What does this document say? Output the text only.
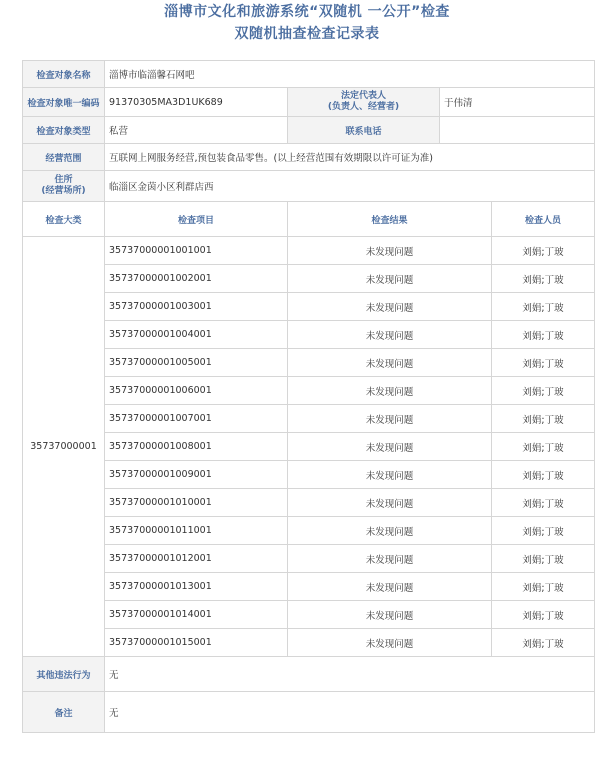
淄博市文化和旅游系统“双随机 一公开”检查
双随机抽查检查记录表
检查对象名称	淄博市临淄馨石网吧			
检查对象唯一编码	91370305MA3D1UK689	法定代表人
(负责人、经营者)	于伟清	
检查对象类型	私营	联系电话		
经营范围	互联网上网服务经营,预包装食品零售。(以上经营范围有效期限以许可证为准)			

住所
(经营场所)	临淄区金茵小区利群店西			
检查大类	检查项目	检查结果		检查人员
35737000001	35737000001001001	未发现问题		刘娟;丁玻
	35737000001002001	未发现问题		刘娟;丁玻
	35737000001003001	未发现问题		刘娟;丁玻
	35737000001004001	未发现问题		刘娟;丁玻
	35737000001005001	未发现问题		刘娟;丁玻
	35737000001006001	未发现问题		刘娟;丁玻
	35737000001007001	未发现问题		刘娟;丁玻
	35737000001008001	未发现问题		刘娟;丁玻
	35737000001009001	未发现问题		刘娟;丁玻
	35737000001010001	未发现问题		刘娟;丁玻
	35737000001011001	未发现问题		刘娟;丁玻
	35737000001012001	未发现问题		刘娟;丁玻
	35737000001013001	未发现问题		刘娟;丁玻
	35737000001014001	未发现问题		刘娟;丁玻
	35737000001015001	未发现问题		刘娟;丁玻
其他违法行为	无			
备注	无			
